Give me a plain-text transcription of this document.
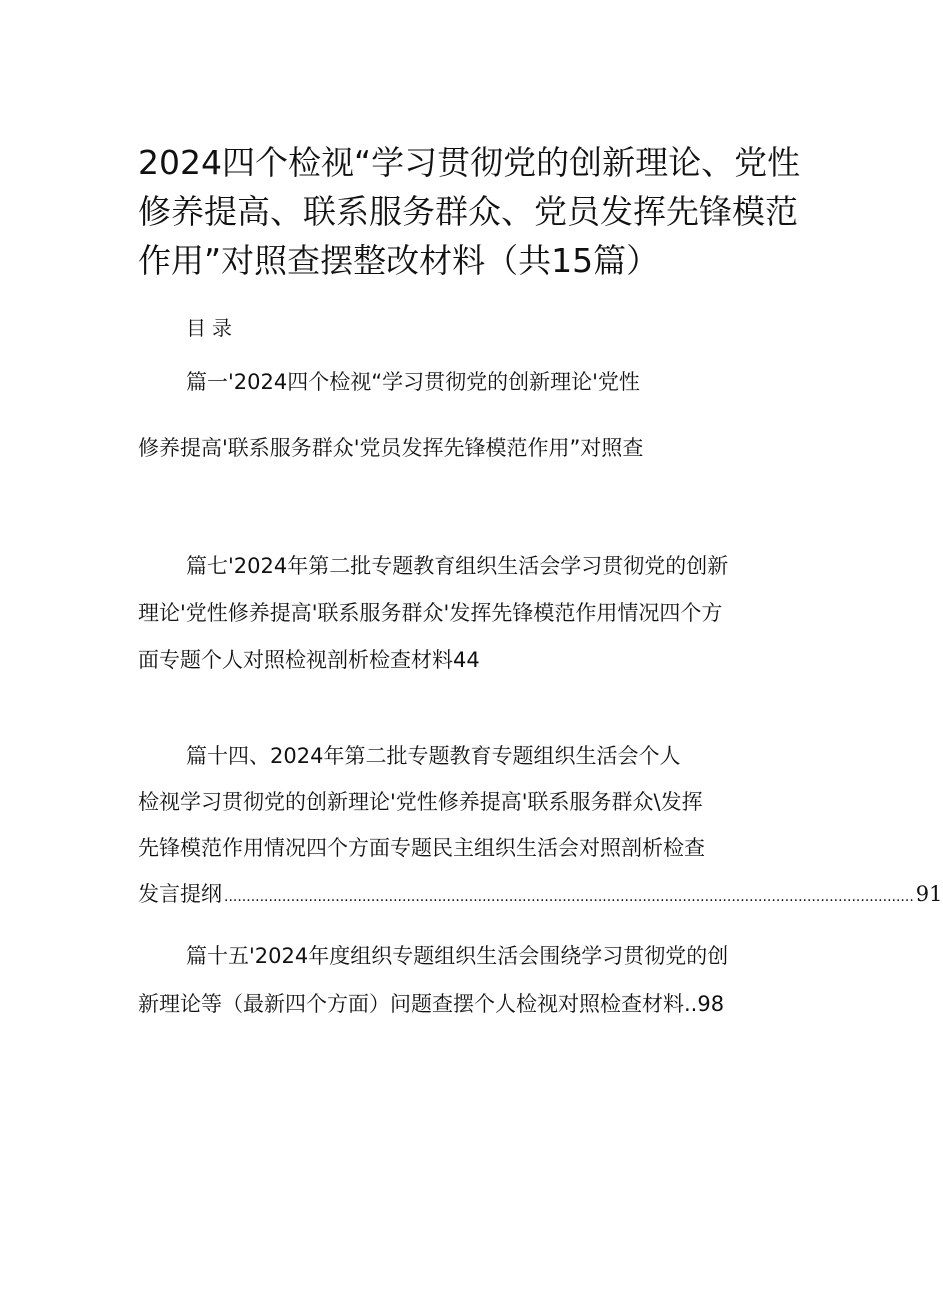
2024四个检视“学习贯彻党的创新理论、党性
修养提高、联系服务群众、党员发挥先锋模范
作用”对照查摆整改材料（共15篇）
目录
篇一'2024四个检视“学习贯彻党的创新理论'党性
修养提高'联系服务群众'党员发挥先锋模范作用”对照查
篇七'2024年第二批专题教育组织生活会学习贯彻党的创新
理论'党性修养提高'联系服务群众'发挥先锋模范作用情况四个方
面专题个人对照检视剖析检查材料44
篇十四、2024年第二批专题教育专题组织生活会个人
检视学习贯彻党的创新理论'党性修养提高'联系服务群众\发挥
先锋模范作用情况四个方面专题民主组织生活会对照剖析检查
发言提纲 ........................................................................................................................................................... 91
篇十五'2024年度组织专题组织生活会围绕学习贯彻党的创
新理论等（最新四个方面）问题查摆个人检视对照检查材料..98
